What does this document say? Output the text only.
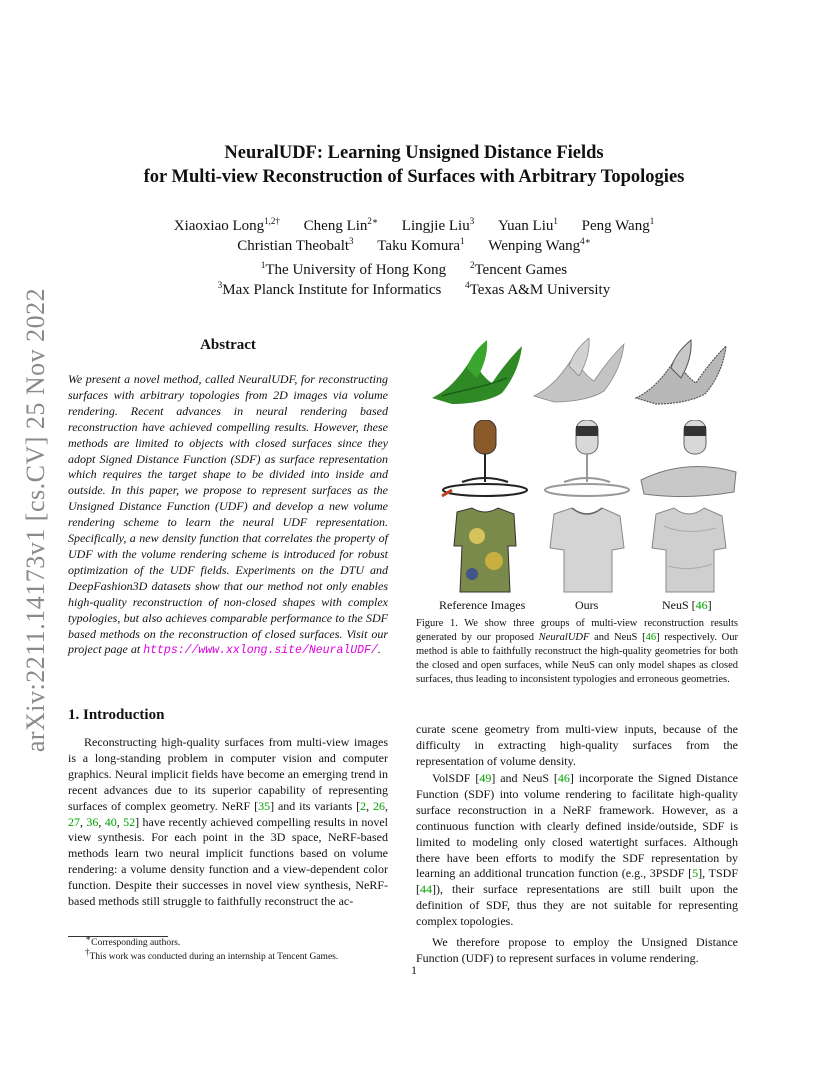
arXiv:2211.14173v1 [cs.CV] 25 Nov 2022
NeuralUDF: Learning Unsigned Distance Fields
for Multi-view Reconstruction of Surfaces with Arbitrary Topologies
Xiaoxiao Long$^{1,2\dagger}$ Cheng Lin$^{2∗}$ Lingjie Liu$^3$ Yuan Liu$^1$ Peng Wang$^1$
Christian Theobalt$^3$ Taku Komura$^1$ Wenping Wang$^{4∗}$
$^1$The University of Hong Kong	$^2$Tencent Games
$^3$Max Planck Institute for Informatics	$^4$Texas A&M University
Abstract
We present a novel method, called NeuralUDF, for reconstructing surfaces with arbitrary topologies from 2D images via volume rendering. Recent advances in neural rendering based reconstruction have achieved compelling results. However, these methods are limited to objects with closed surfaces since they adopt Signed Distance Function (SDF) as surface representation which requires the target shape to be divided into inside and outside. In this paper, we propose to represent surfaces as the Unsigned Distance Function (UDF) and develop a new volume rendering scheme to learn the neural UDF representation. Specifically, a new density function that correlates the property of UDF with the volume rendering scheme is introduced for robust optimization of the UDF fields. Experiments on the DTU and DeepFashion3D datasets show that our method not only enables high-quality reconstruction of non-closed shapes with complex typologies, but also achieves comparable performance to the SDF based methods on the reconstruction of closed surfaces. Visit our project page at https://www.xxlong.site/NeuralUDF/.
1. Introduction

Reconstructing high-quality surfaces from multi-view images is a long-standing problem in computer vision and computer graphics. Neural implicit fields have become an emerging trend in recent advances due to its superior capability of representing surfaces of complex geometry. NeRF [35] and its variants [2, 26, 27, 36, 40, 52] have recently achieved compelling results in novel view synthesis. For each point in the 3D space, NeRF-based methods learn two neural implicit functions based on volume rendering: a volume density function and a view-dependent color function. Despite their successes in novel view synthesis, NeRF-based methods still struggle to faithfully reconstruct the ac-

∗Corresponding authors.
†This work was conducted during an internship at Tencent Games.
Reference Images	Ours	NeuS [46]
Figure 1. We show three groups of multi-view reconstruction results generated by our proposed NeuralUDF and NeuS [46] respectively. Our method is able to faithfully reconstruct the high-quality geometries for both the closed and open surfaces, while NeuS can only model shapes as closed surfaces, thus leading to inconsistent typologies and erroneous geometries.

curate scene geometry from multi-view inputs, because of the difficulty in extracting high-quality surfaces from the representation of volume density.

VolSDF [49] and NeuS [46] incorporate the Signed Distance Function (SDF) into volume rendering to facilitate high-quality surface reconstruction in a NeRF framework. However, as a continuous function with clearly defined inside/outside, SDF is limited to modeling only closed watertight surfaces. Although there have been efforts to modify the SDF representation by learning an additional truncation function (e.g., 3PSDF [5], TSDF [44]), their surface representations are still built upon the definition of SDF, thus they are not suitable for representing complex topologies.

We therefore propose to employ the Unsigned Distance Function (UDF) to represent surfaces in volume rendering.

1
